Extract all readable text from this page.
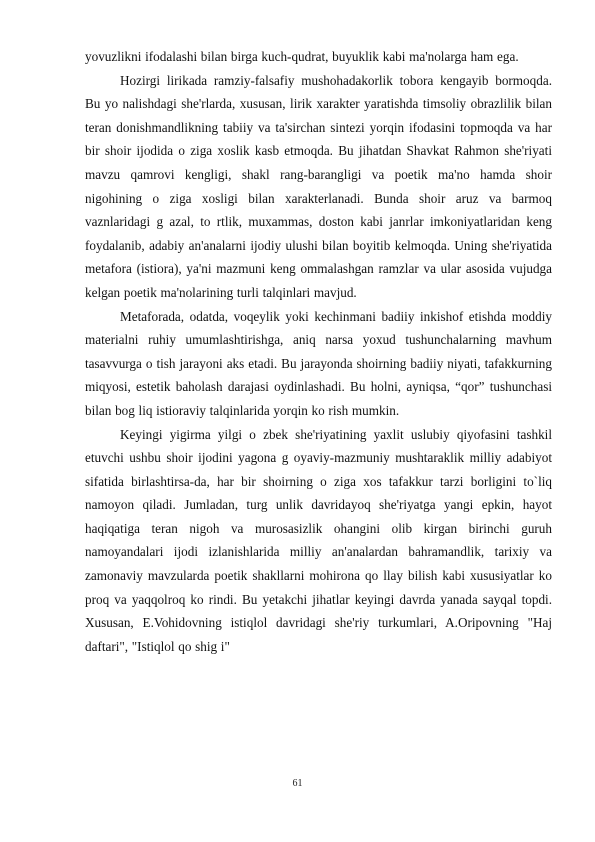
yovuzlikni ifodalashi bilan birga kuch-qudrat, buyuklik kabi ma'nolarga ham ega.

Hozirgi lirikada ramziy-falsafiy mushohadakorlik tobora kengayib bormoqda. Bu yo nalishdagi she'rlarda, xususan, lirik xarakter yaratishda timsoliy obrazlilik bilan teran donishmandlikning tabiiy va ta'sirchan sintezi yorqin ifodasini topmoqda va har bir shoir ijodida o ziga xoslik kasb etmoqda. Bu jihatdan Shavkat Rahmon she'riyati mavzu qamrovi kengligi, shakl rang-barangligi va poetik ma'no hamda shoir nigohining o ziga xosligi bilan xarakterlanadi. Bunda shoir aruz va barmoq vaznlaridagi g azal, to rtlik, muxammas, doston kabi janrlar imkoniyatlaridan keng foydalanib, adabiy an'analarni ijodiy ulushi bilan boyitib kelmoqda. Uning she'riyatida metafora (istiora), ya'ni mazmuni keng ommalashgan ramzlar va ular asosida vujudga kelgan poetik ma'nolarining turli talqinlari mavjud.

Metaforada, odatda, voqeylik yoki kechinmani badiiy inkishof etishda moddiy materialni ruhiy umumlashtirishga, aniq narsa yoxud tushunchalarning mavhum tasavvurga o tish jarayoni aks etadi. Bu jarayonda shoirning badiiy niyati, tafakkurning miqyosi, estetik baholash darajasi oydinlashadi. Bu holni, ayniqsa, “qor” tushunchasi bilan bog liq istioraviy talqinlarida yorqin ko rish mumkin.

Keyingi yigirma yilgi o zbek she'riyatining yaxlit uslubiy qiyofasini tashkil etuvchi ushbu shoir ijodini yagona g oyaviy-mazmuniy mushtaraklik milliy adabiyot sifatida birlashtirsa-da, har bir shoirning o ziga xos tafakkur tarzi borligini to`liq namoyon qiladi. Jumladan, turg unlik davridayoq she'riyatga yangi epkin, hayot haqiqatiga teran nigoh va murosasizlik ohangini olib kirgan birinchi guruh namoyandalari ijodi izlanishlarida milliy an'analardan bahramandlik, tarixiy va zamonaviy mavzularda poetik shakllarni mohirona qo llay bilish kabi xususiyatlar ko proq va yaqqolroq ko rindi. Bu yetakchi jihatlar keyingi davrda yanada sayqal topdi. Xususan, E.Vohidovning istiqlol davridagi she'riy turkumlari, A.Oripovning "Haj daftari", "Istiqlol qo shig i"

61
